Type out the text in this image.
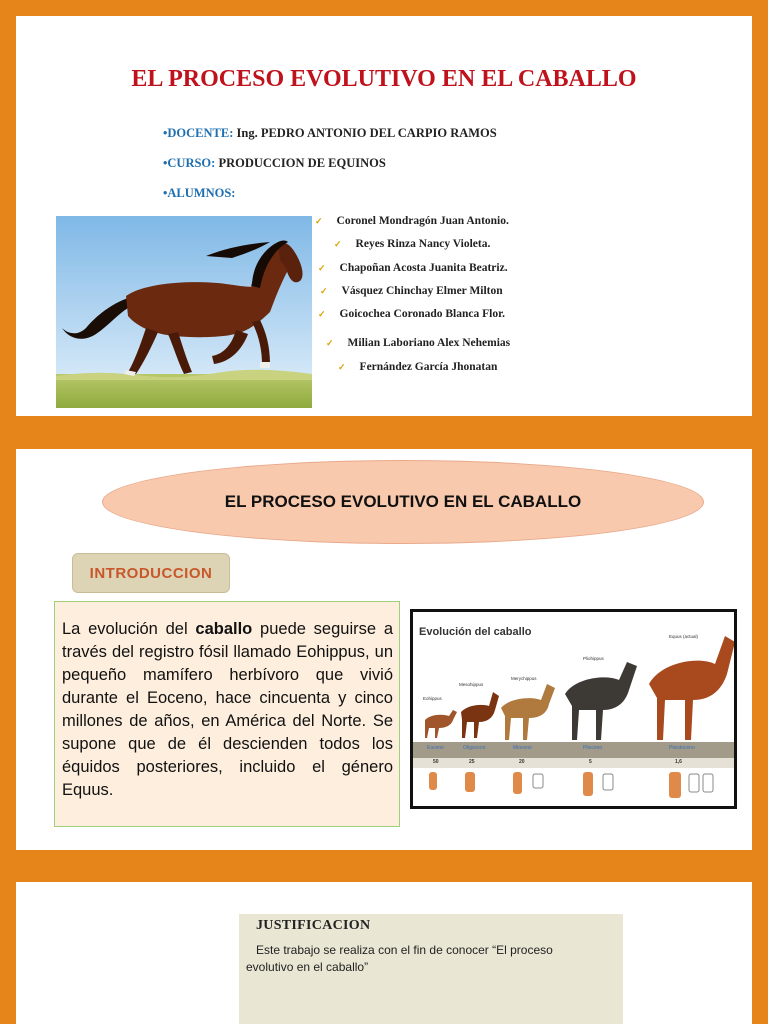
EL PROCESO EVOLUTIVO EN EL CABALLO
•DOCENTE: Ing. PEDRO ANTONIO DEL CARPIO RAMOS
•CURSO: PRODUCCION DE EQUINOS
•ALUMNOS:
✓ Coronel Mondragón Juan Antonio.
✓ Reyes Rinza Nancy Violeta.
✓ Chapoñan Acosta Juanita Beatriz.
✓ Vásquez Chinchay Elmer Milton
✓ Goicochea Coronado Blanca Flor.
✓ Milian Laboriano Alex Nehemias
✓ Fernández García Jhonatan
EL PROCESO EVOLUTIVO EN EL CABALLO
INTRODUCCION
La evolución del caballo puede seguirse a través del registro fósil llamado Eohippus, un pequeño mamífero herbívoro que vivió durante el Eoceno, hace cincuenta y cinco millones de años, en América del Norte. Se supone que de él descienden todos los équidos posteriores, incluido el género Equus.
Evolución del caballo
Eohippus
Mesohippus
Merychippus
Pliohippus
Equus (actual)
Eoceno	Oligoceno	Mioceno	Plioceno	Pleistoceno
50	25	20	5	1,6
JUSTIFICACION
Este trabajo se realiza con el fin de conocer “El proceso evolutivo en el caballo”
